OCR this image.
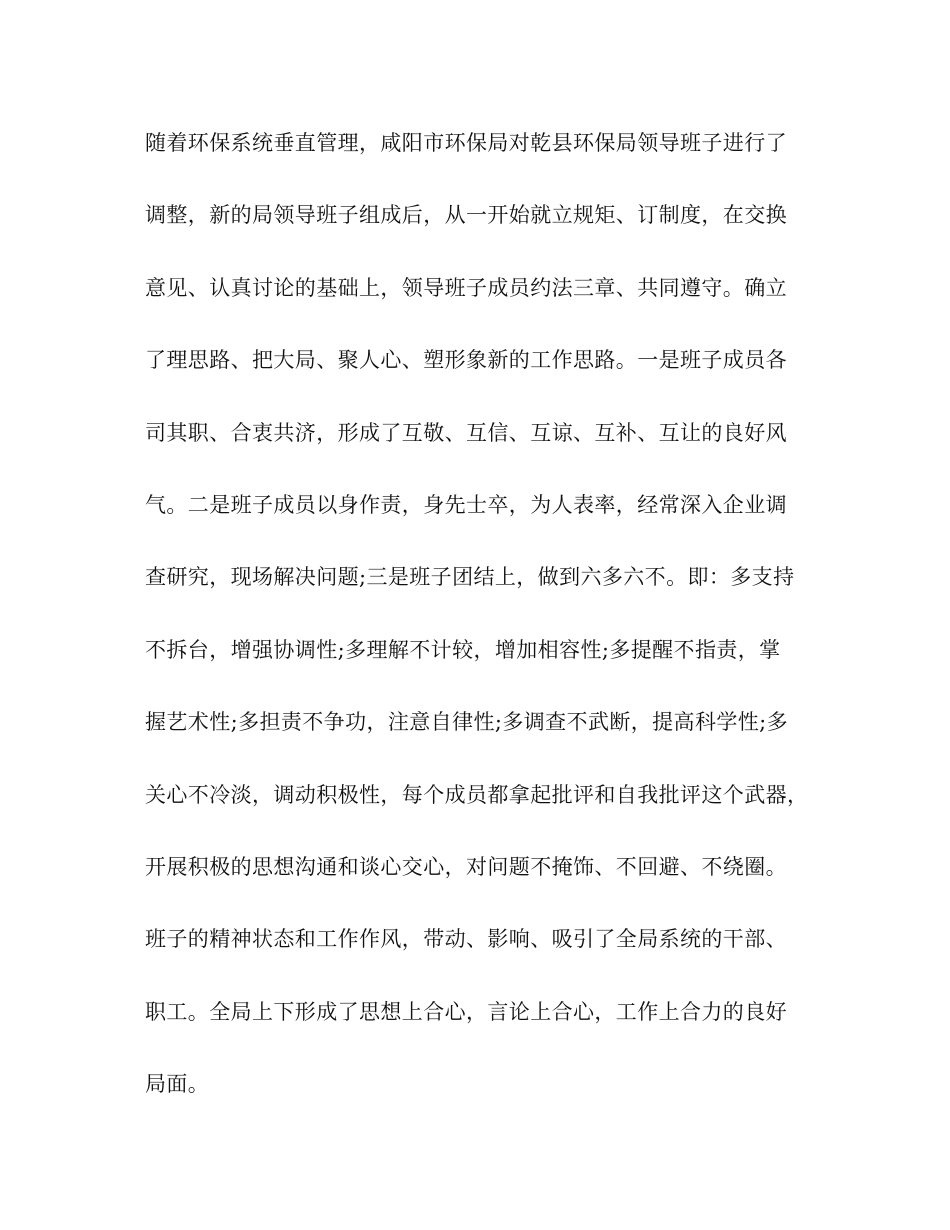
随着环保系统垂直管理，咸阳市环保局对乾县环保局领导班子进行了
调整，新的局领导班子组成后，从一开始就立规矩、订制度，在交换
意见、认真讨论的基础上，领导班子成员约法三章、共同遵守。确立
了理思路、把大局、聚人心、塑形象新的工作思路。一是班子成员各
司其职、合衷共济，形成了互敬、互信、互谅、互补、互让的良好风
气。二是班子成员以身作责，身先士卒，为人表率，经常深入企业调
查研究，现场解决问题;三是班子团结上，做到六多六不。即：多支持
不拆台，增强协调性;多理解不计较，增加相容性;多提醒不指责，掌
握艺术性;多担责不争功，注意自律性;多调查不武断，提高科学性;多
关心不冷淡，调动积极性，每个成员都拿起批评和自我批评这个武器，
开展积极的思想沟通和谈心交心，对问题不掩饰、不回避、不绕圈。
班子的精神状态和工作作风，带动、影响、吸引了全局系统的干部、
职工。全局上下形成了思想上合心，言论上合心，工作上合力的良好
局面。
